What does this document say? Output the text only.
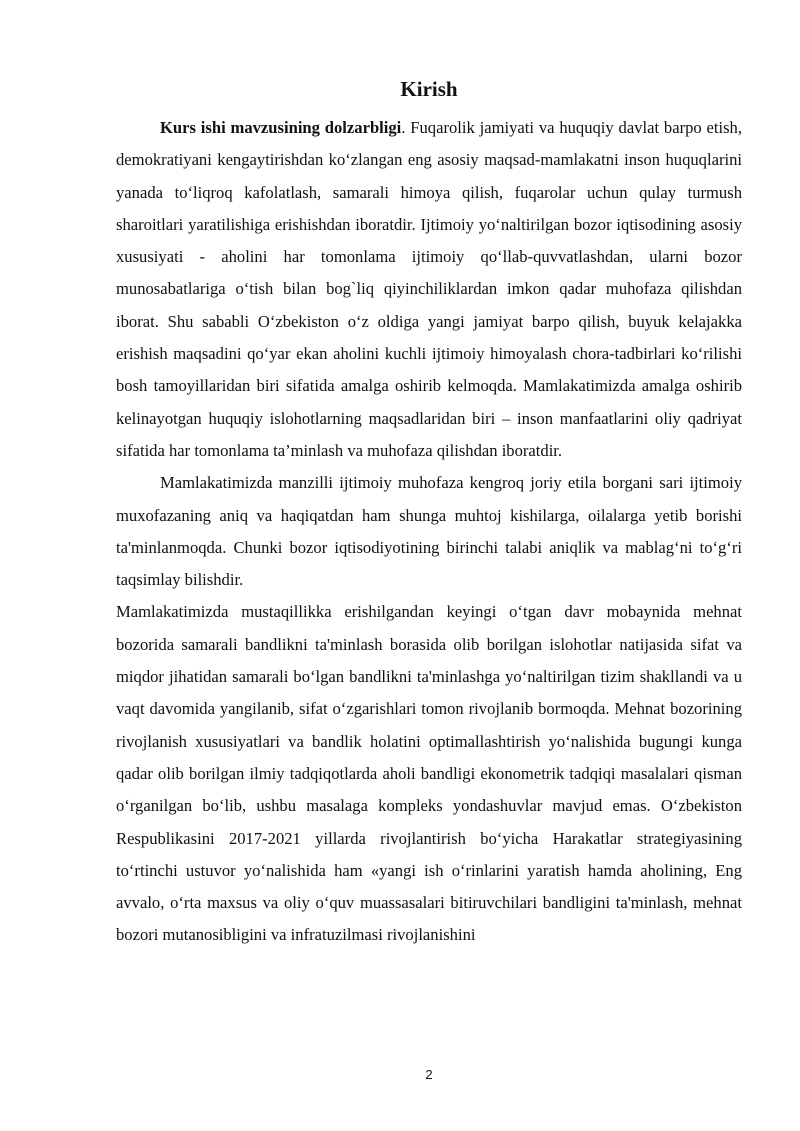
Kirish

Kurs ishi mavzusining dolzarbligi. Fuqarolik jamiyati va huquqiy davlat barpo etish, demokratiyani kengaytirishdan ko‘zlangan eng asosiy maqsad-mamlakatni inson huquqlarini yanada to‘liqroq kafolatlash, samarali himoya qilish, fuqarolar uchun qulay turmush sharoitlari yaratilishiga erishishdan iboratdir. Ijtimoiy yo‘naltirilgan bozor iqtisodining asosiy xususiyati - aholini har tomonlama ijtimoiy qo‘llab-quvvatlashdan, ularni bozor munosabatlariga o‘tish bilan bog`liq qiyinchiliklardan imkon qadar muhofaza qilishdan iborat. Shu sababli O‘zbekiston o‘z oldiga yangi jamiyat barpo qilish, buyuk kelajakka erishish maqsadini qo‘yar ekan aholini kuchli ijtimoiy himoyalash chora-tadbirlari ko‘rilishi bosh tamoyillaridan biri sifatida amalga oshirib kelmoqda. Mamlakatimizda amalga oshirib kelinayotgan huquqiy islohotlarning maqsadlaridan biri – inson manfaatlarini oliy qadriyat sifatida har tomonlama ta’minlash va muhofaza qilishdan iboratdir.

Mamlakatimizda manzilli ijtimoiy muhofaza kengroq joriy etila borgani sari ijtimoiy muxofazaning aniq va haqiqatdan ham shunga muhtoj kishilarga, oilalarga yetib borishi ta'minlanmoqda. Chunki bozor iqtisodiyotining birinchi talabi aniqlik va mablag‘ni to‘g‘ri taqsimlay bilishdir.

Mamlakatimizda mustaqillikka erishilgandan keyingi o‘tgan davr mobaynida mehnat bozorida samarali bandlikni ta'minlash borasida olib borilgan islohotlar natijasida sifat va miqdor jihatidan samarali bo‘lgan bandlikni ta'minlashga yo‘naltirilgan tizim shakllandi va u vaqt davomida yangilanib, sifat o‘zgarishlari tomon rivojlanib bormoqda. Mehnat bozorining rivojlanish xususiyatlari va bandlik holatini optimallashtirish yo‘nalishida bugungi kunga qadar olib borilgan ilmiy tadqiqotlarda aholi bandligi ekonometrik tadqiqi masalalari qisman o‘rganilgan bo‘lib, ushbu masalaga kompleks yondashuvlar mavjud emas. O‘zbekiston Respublikasini 2017-2021 yillarda rivojlantirish bo‘yicha Harakatlar strategiyasining to‘rtinchi ustuvor yo‘nalishida ham «yangi ish o‘rinlarini yaratish hamda aholining, Eng avvalo, o‘rta maxsus va oliy o‘quv muassasalari bitiruvchilari bandligini ta'minlash, mehnat bozori mutanosibligini va infratuzilmasi rivojlanishini

2
